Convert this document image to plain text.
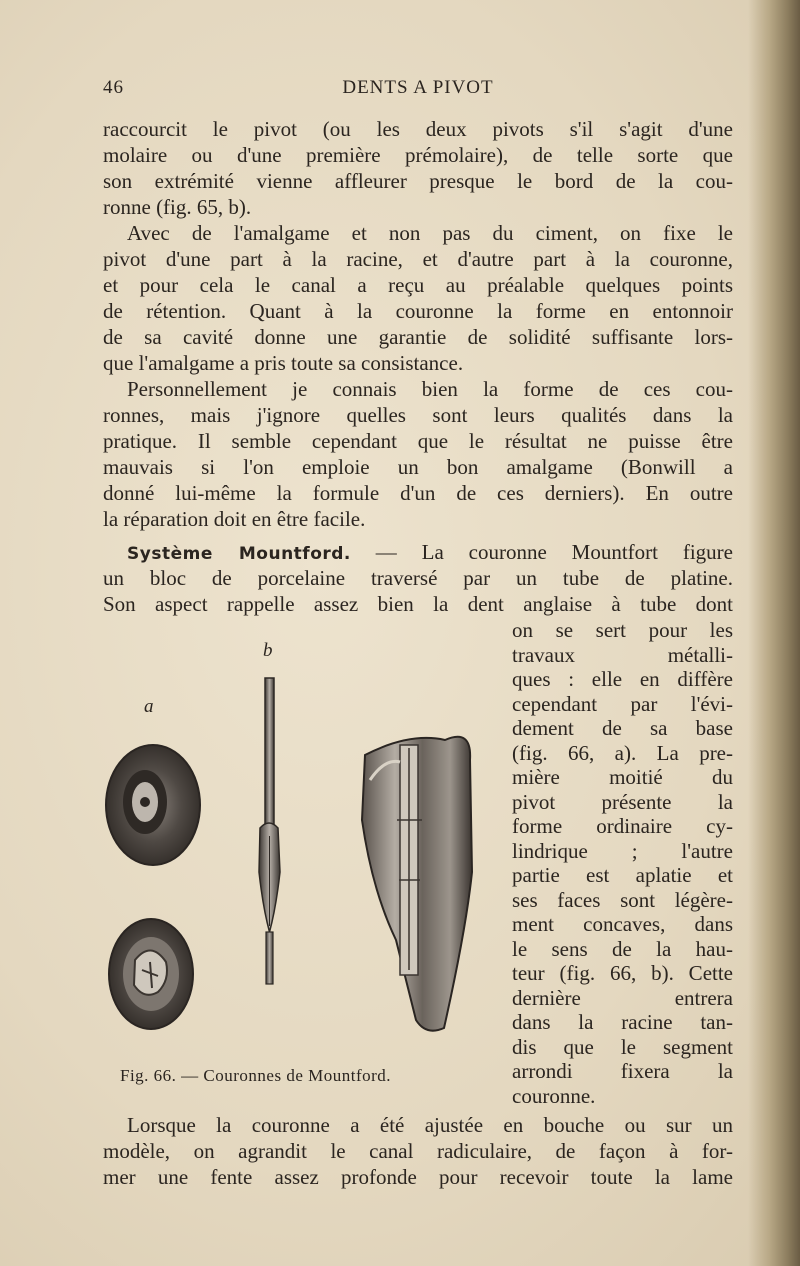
46	DENTS A PIVOT
raccourcit le pivot (ou les deux pivots s'il s'agit d'une
molaire ou d'une première prémolaire), de telle sorte que
son extrémité vienne affleurer presque le bord de la cou-
ronne (fig. 65, b).
Avec de l'amalgame et non pas du ciment, on fixe le
pivot d'une part à la racine, et d'autre part à la couronne,
et pour cela le canal a reçu au préalable quelques points
de rétention. Quant à la couronne la forme en entonnoir
de sa cavité donne une garantie de solidité suffisante lors-
que l'amalgame a pris toute sa consistance.
Personnellement je connais bien la forme de ces cou-
ronnes, mais j'ignore quelles sont leurs qualités dans la
pratique. Il semble cependant que le résultat ne puisse être
mauvais si l'on emploie un bon amalgame (Bonwill a
donné lui-même la formule d'un de ces derniers). En outre
la réparation doit en être facile.
Système Mountford. — La couronne Mountfort figure
un bloc de porcelaine traversé par un tube de platine.
Son aspect rappelle assez bien la dent anglaise à tube dont
on se sert pour les
travaux métalli-
ques : elle en diffère
cependant par l'évi-
dement de sa base
(fig. 66, a). La pre-
mière moitié du
pivot présente la
forme ordinaire cy-
lindrique ; l'autre
partie est aplatie et
ses faces sont légère-
ment concaves, dans
le sens de la hau-
teur (fig. 66, b). Cette
dernière entrera
dans la racine tan-
dis que le segment
arrondi fixera la
couronne.
b
a
Fig. 66. — Couronnes de Mountford.
Lorsque la couronne a été ajustée en bouche ou sur un
modèle, on agrandit le canal radiculaire, de façon à for-
mer une fente assez profonde pour recevoir toute la lame
